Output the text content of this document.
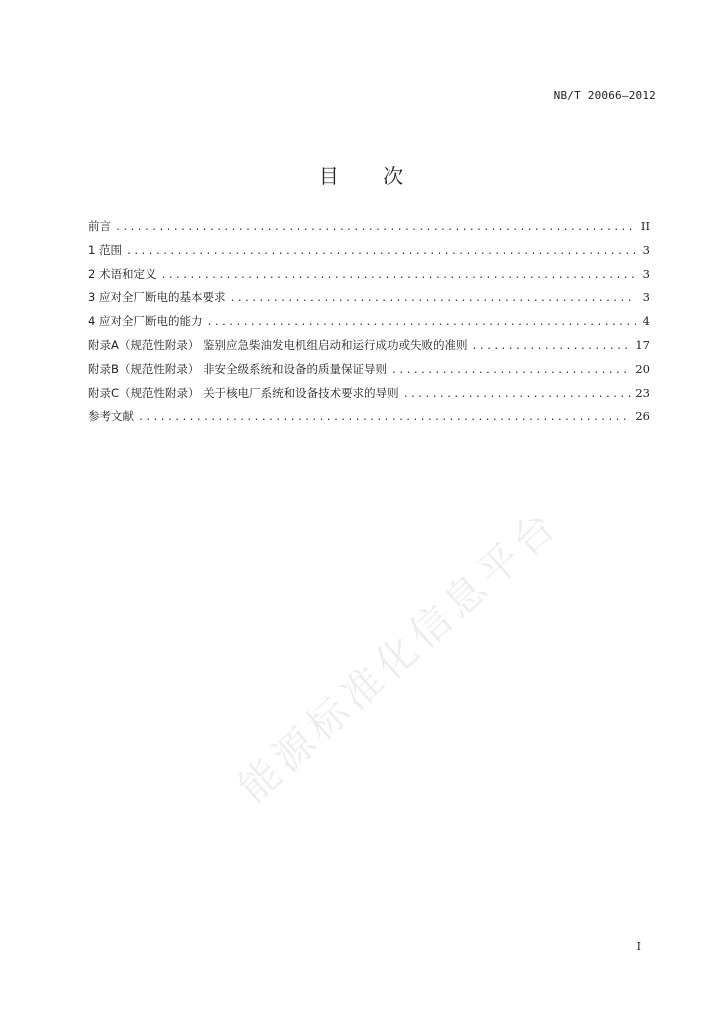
NB/T 20066—2012
目 次
前言 .....	II
1 范围 .....	3
2 术语和定义 .....	3
3 应对全厂断电的基本要求 .....	3
4 应对全厂断电的能力 .....	4
附录A（规范性附录） 鉴别应急柴油发电机组启动和运行成功或失败的准则 .....	17
附录B（规范性附录） 非安全级系统和设备的质量保证导则 .....	20
附录C（规范性附录） 关于核电厂系统和设备技术要求的导则 .....	23
参考文献 .....	26
能源标准化信息平台
I
